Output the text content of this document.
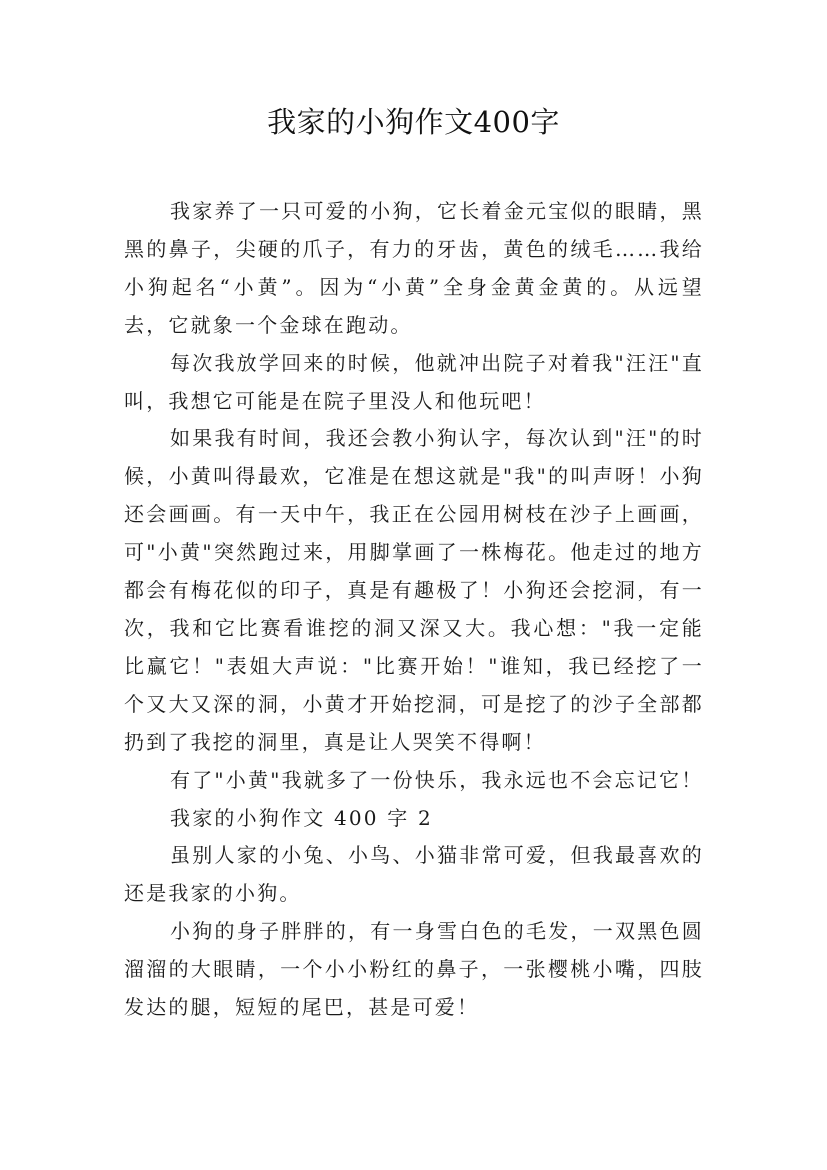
我家的小狗作文400字

我家养了一只可爱的小狗，它长着金元宝似的眼睛，黑黑的鼻子，尖硬的爪子，有力的牙齿，黄色的绒毛……我给小狗起名“小黄”。因为“小黄”全身金黄金黄的。从远望去，它就象一个金球在跑动。

每次我放学回来的时候，他就冲出院子对着我"汪汪"直叫，我想它可能是在院子里没人和他玩吧！

如果我有时间，我还会教小狗认字，每次认到"汪"的时候，小黄叫得最欢，它准是在想这就是"我"的叫声呀！小狗还会画画。有一天中午，我正在公园用树枝在沙子上画画，可"小黄"突然跑过来，用脚掌画了一株梅花。他走过的地方都会有梅花似的印子，真是有趣极了！小狗还会挖洞，有一次，我和它比赛看谁挖的洞又深又大。我心想："我一定能比赢它！"表姐大声说："比赛开始！"谁知，我已经挖了一个又大又深的洞，小黄才开始挖洞，可是挖了的沙子全部都扔到了我挖的洞里，真是让人哭笑不得啊！

有了"小黄"我就多了一份快乐，我永远也不会忘记它！

我家的小狗作文 400 字 2

虽别人家的小兔、小鸟、小猫非常可爱，但我最喜欢的还是我家的小狗。

小狗的身子胖胖的，有一身雪白色的毛发，一双黑色圆溜溜的大眼睛，一个小小粉红的鼻子，一张樱桃小嘴，四肢发达的腿，短短的尾巴，甚是可爱！
